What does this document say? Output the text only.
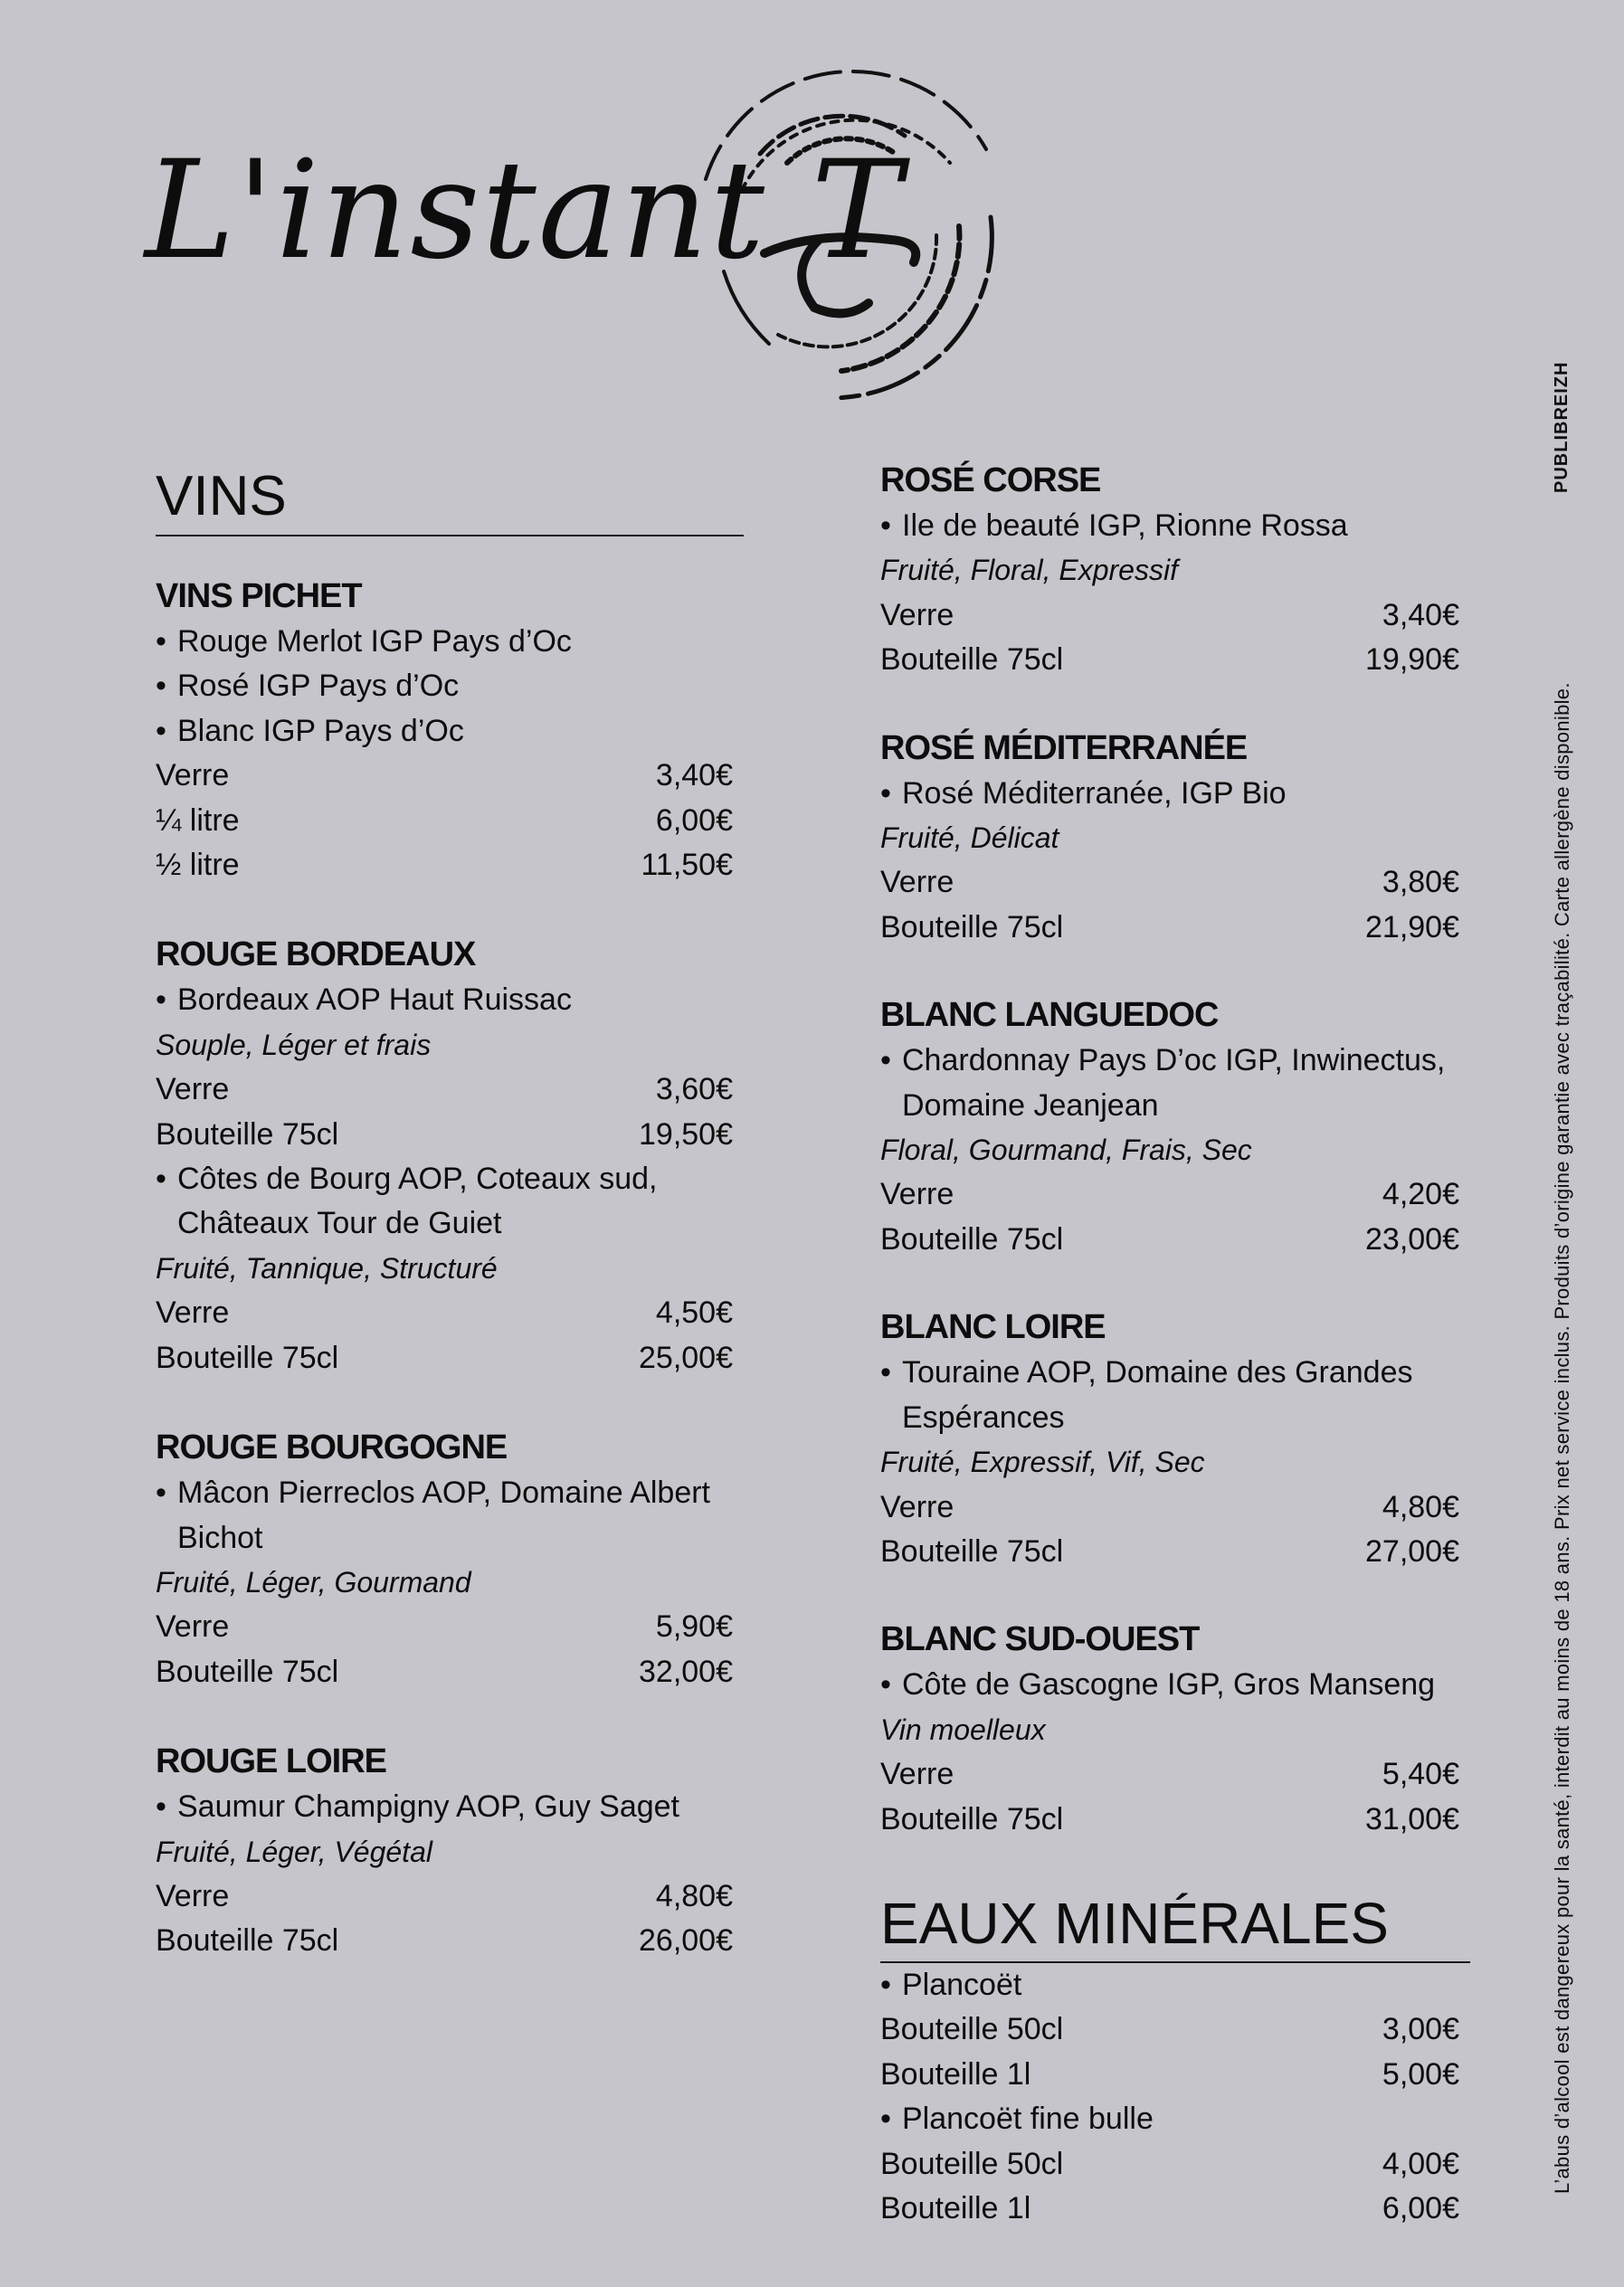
L'instant T
VINS
VINS PICHET
• Rouge Merlot IGP Pays d’Oc
• Rosé IGP Pays d’Oc
• Blanc IGP Pays d’Oc
Verre	3,40€
¼ litre	6,00€
½ litre	11,50€
ROUGE BORDEAUX
• Bordeaux AOP Haut Ruissac
Souple, Léger et frais
Verre	3,60€
Bouteille 75cl	19,50€
• Côtes de Bourg AOP, Coteaux sud, Châteaux Tour de Guiet
Fruité, Tannique, Structuré
Verre	4,50€
Bouteille 75cl	25,00€
ROUGE BOURGOGNE
• Mâcon Pierreclos AOP, Domaine Albert Bichot
Fruité, Léger, Gourmand
Verre	5,90€
Bouteille 75cl	32,00€
ROUGE LOIRE
• Saumur Champigny AOP, Guy Saget
Fruité, Léger, Végétal
Verre	4,80€
Bouteille 75cl	26,00€
ROSÉ CORSE
• Ile de beauté IGP, Rionne Rossa
Fruité, Floral, Expressif
Verre	3,40€
Bouteille 75cl	19,90€
ROSÉ MÉDITERRANÉE
• Rosé Méditerranée, IGP Bio
Fruité, Délicat
Verre	3,80€
Bouteille 75cl	21,90€
BLANC LANGUEDOC
• Chardonnay Pays D’oc IGP, Inwinectus, Domaine Jeanjean
Floral, Gourmand, Frais, Sec
Verre	4,20€
Bouteille 75cl	23,00€
BLANC LOIRE
• Touraine AOP, Domaine des Grandes Espérances
Fruité, Expressif, Vif, Sec
Verre	4,80€
Bouteille 75cl	27,00€
BLANC SUD-OUEST
• Côte de Gascogne IGP, Gros Manseng
Vin moelleux
Verre	5,40€
Bouteille 75cl	31,00€
EAUX MINÉRALES
• Plancoët
Bouteille 50cl	3,00€
Bouteille 1l	5,00€
• Plancoët fine bulle
Bouteille 50cl	4,00€
Bouteille 1l	6,00€
L’abus d’alcool est dangereux pour la santé, interdit au moins de 18 ans. Prix net service inclus. Produits d’origine garantie avec traçabilité. Carte allergène disponible.
PUBLIBREIZH
